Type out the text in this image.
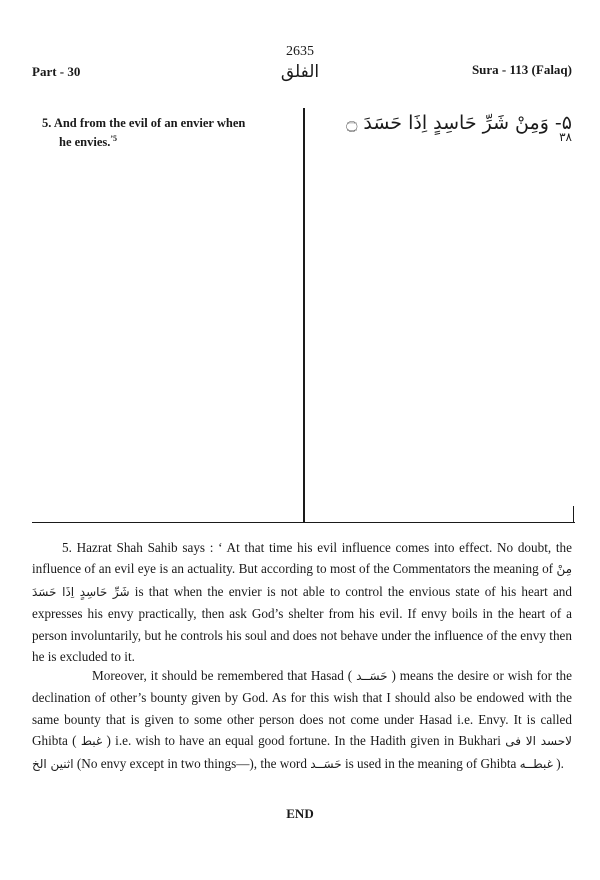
Part - 30
2635
الفلق	Sura - 113 (Falaq)
5. And from the evil of an envier when
he envies.$^{’5}$
۵- وَمِنْ شَرِّ حَاسِدٍ اِذَا حَسَدَ ۝
۳۸
5. Hazrat Shah Sahib says : ‘ At that time his evil influence comes into effect. No doubt, the influence of an evil eye is an actuality. But according to most of the Commentators the meaning of مِنْ شَرِّ حَاسِدٍ اِذَا حَسَدَ is that when the envier is not able to control the envious state of his heart and expresses his envy practically, then ask God’s shelter from his evil. If envy boils in the heart of a person involuntarily, but he controls his soul and does not behave under the influence of the envy then he is excluded to it.
Moreover, it should be remembered that Hasad ( حَسَــد ) means the desire or wish for the declination of other’s bounty given by God. As for this wish that I should also be endowed with the same bounty that is given to some other person does not come under Hasad i.e. Envy. It is called Ghibta ( غبط ) i.e. wish to have an equal good fortune. In the Hadith given in Bukhari لاحسد الا فى اثنين الخ (No envy except in two things—), the word حَسَــد is used in the meaning of Ghibta غبطــه ).
END
